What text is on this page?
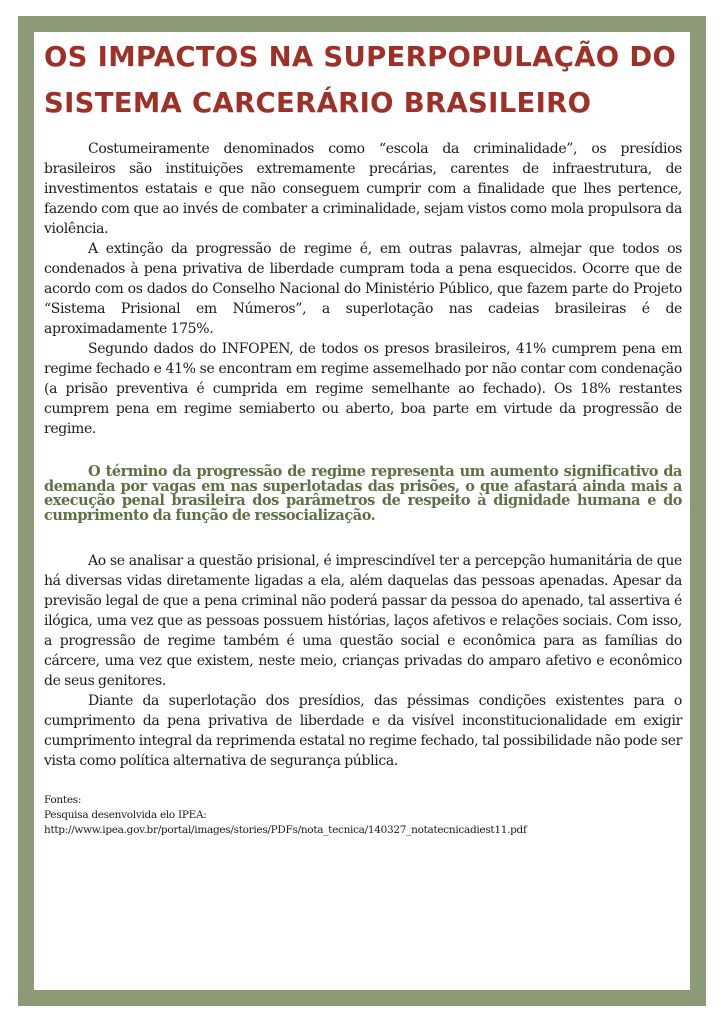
OS IMPACTOS NA SUPERPOPULAÇÃO DO
SISTEMA CARCERÁRIO BRASILEIRO

Costumeiramente denominados como “escola da criminalidade”, os presídios brasileiros são instituições extremamente precárias, carentes de infraestrutura, de investimentos estatais e que não conseguem cumprir com a finalidade que lhes pertence, fazendo com que ao invés de combater a criminalidade, sejam vistos como mola propulsora da violência.

A extinção da progressão de regime é, em outras palavras, almejar que todos os condenados à pena privativa de liberdade cumpram toda a pena esquecidos. Ocorre que de acordo com os dados do Conselho Nacional do Ministério Público, que fazem parte do Projeto “Sistema Prisional em Números”, a superlotação nas cadeias brasileiras é de aproximadamente 175%.

Segundo dados do INFOPEN, de todos os presos brasileiros, 41% cumprem pena em regime fechado e 41% se encontram em regime assemelhado por não contar com condenação (a prisão preventiva é cumprida em regime semelhante ao fechado). Os 18% restantes cumprem pena em regime semiaberto ou aberto, boa parte em virtude da progressão de regime.

O término da progressão de regime representa um aumento significativo da demanda por vagas em nas superlotadas das prisões, o que afastará ainda mais a execução penal brasileira dos parâmetros de respeito à dignidade humana e do cumprimento da função de ressocialização.

Ao se analisar a questão prisional, é imprescindível ter a percepção humanitária de que há diversas vidas diretamente ligadas a ela, além daquelas das pessoas apenadas. Apesar da previsão legal de que a pena criminal não poderá passar da pessoa do apenado, tal assertiva é ilógica, uma vez que as pessoas possuem histórias, laços afetivos e relações sociais. Com isso, a progressão de regime também é uma questão social e econômica para as famílias do cárcere, uma vez que existem, neste meio, crianças privadas do amparo afetivo e econômico de seus genitores.

Diante da superlotação dos presídios, das péssimas condições existentes para o cumprimento da pena privativa de liberdade e da visível inconstitucionalidade em exigir cumprimento integral da reprimenda estatal no regime fechado, tal possibilidade não pode ser vista como política alternativa de segurança pública.

Fontes:
Pesquisa desenvolvida elo IPEA:
http://www.ipea.gov.br/portal/images/stories/PDFs/nota_tecnica/140327_notatecnicadiest11.pdf
